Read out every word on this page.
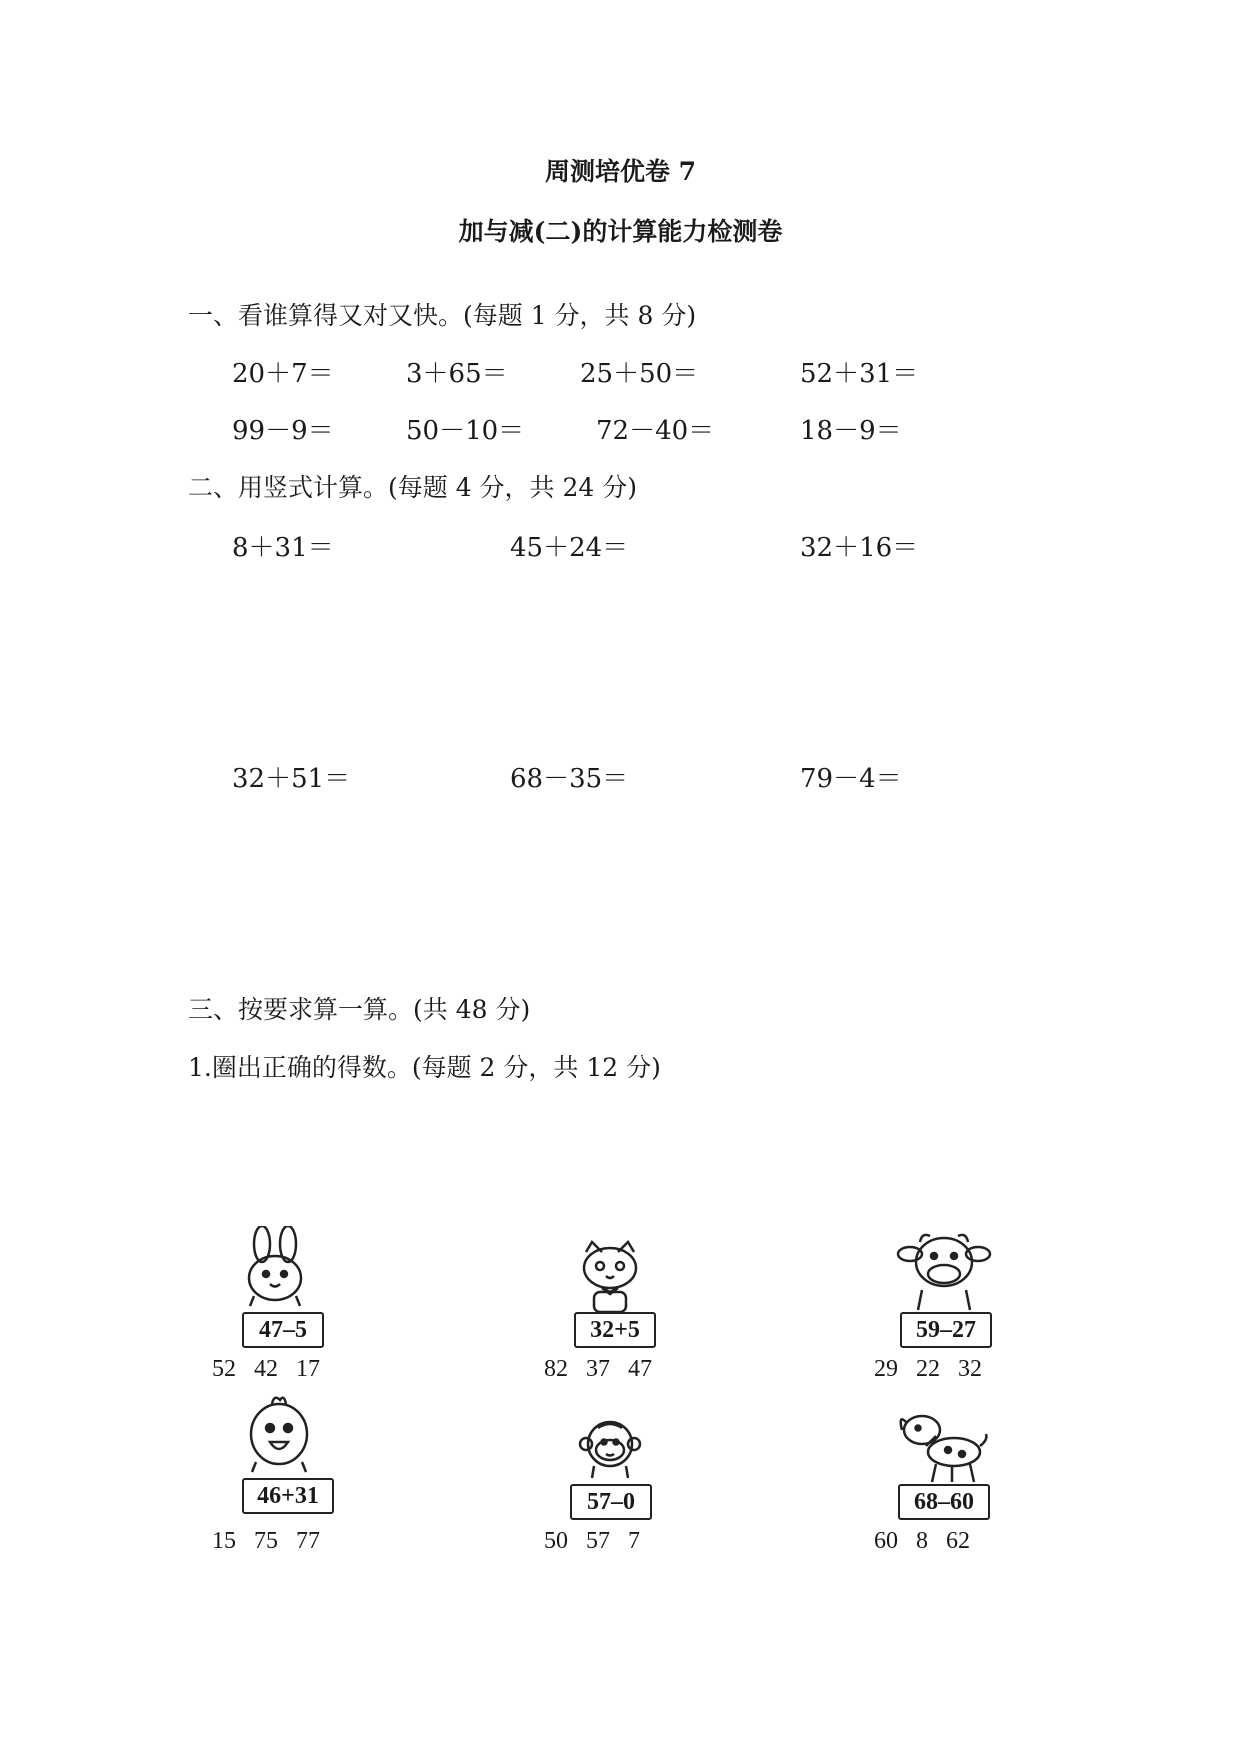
周测培优卷 7
加与减(二)的计算能力检测卷
一、看谁算得又对又快。(每题 1 分，共 8 分)
20＋7＝	3＋65＝	25＋50＝	52＋31＝
99－9＝	50－10＝	72－40＝	18－9＝
二、用竖式计算。(每题 4 分，共 24 分)
8＋31＝	45＋24＝	32＋16＝
32＋51＝	68－35＝	79－4＝
三、按要求算一算。(共 48 分)
1.圈出正确的得数。(每题 2 分，共 12 分)
47–5
52 42 17
32+5
82 37 47
59–27
29 22 32
46+31
15 75 77
57–0
50 57 7
68–60
60 8 62
